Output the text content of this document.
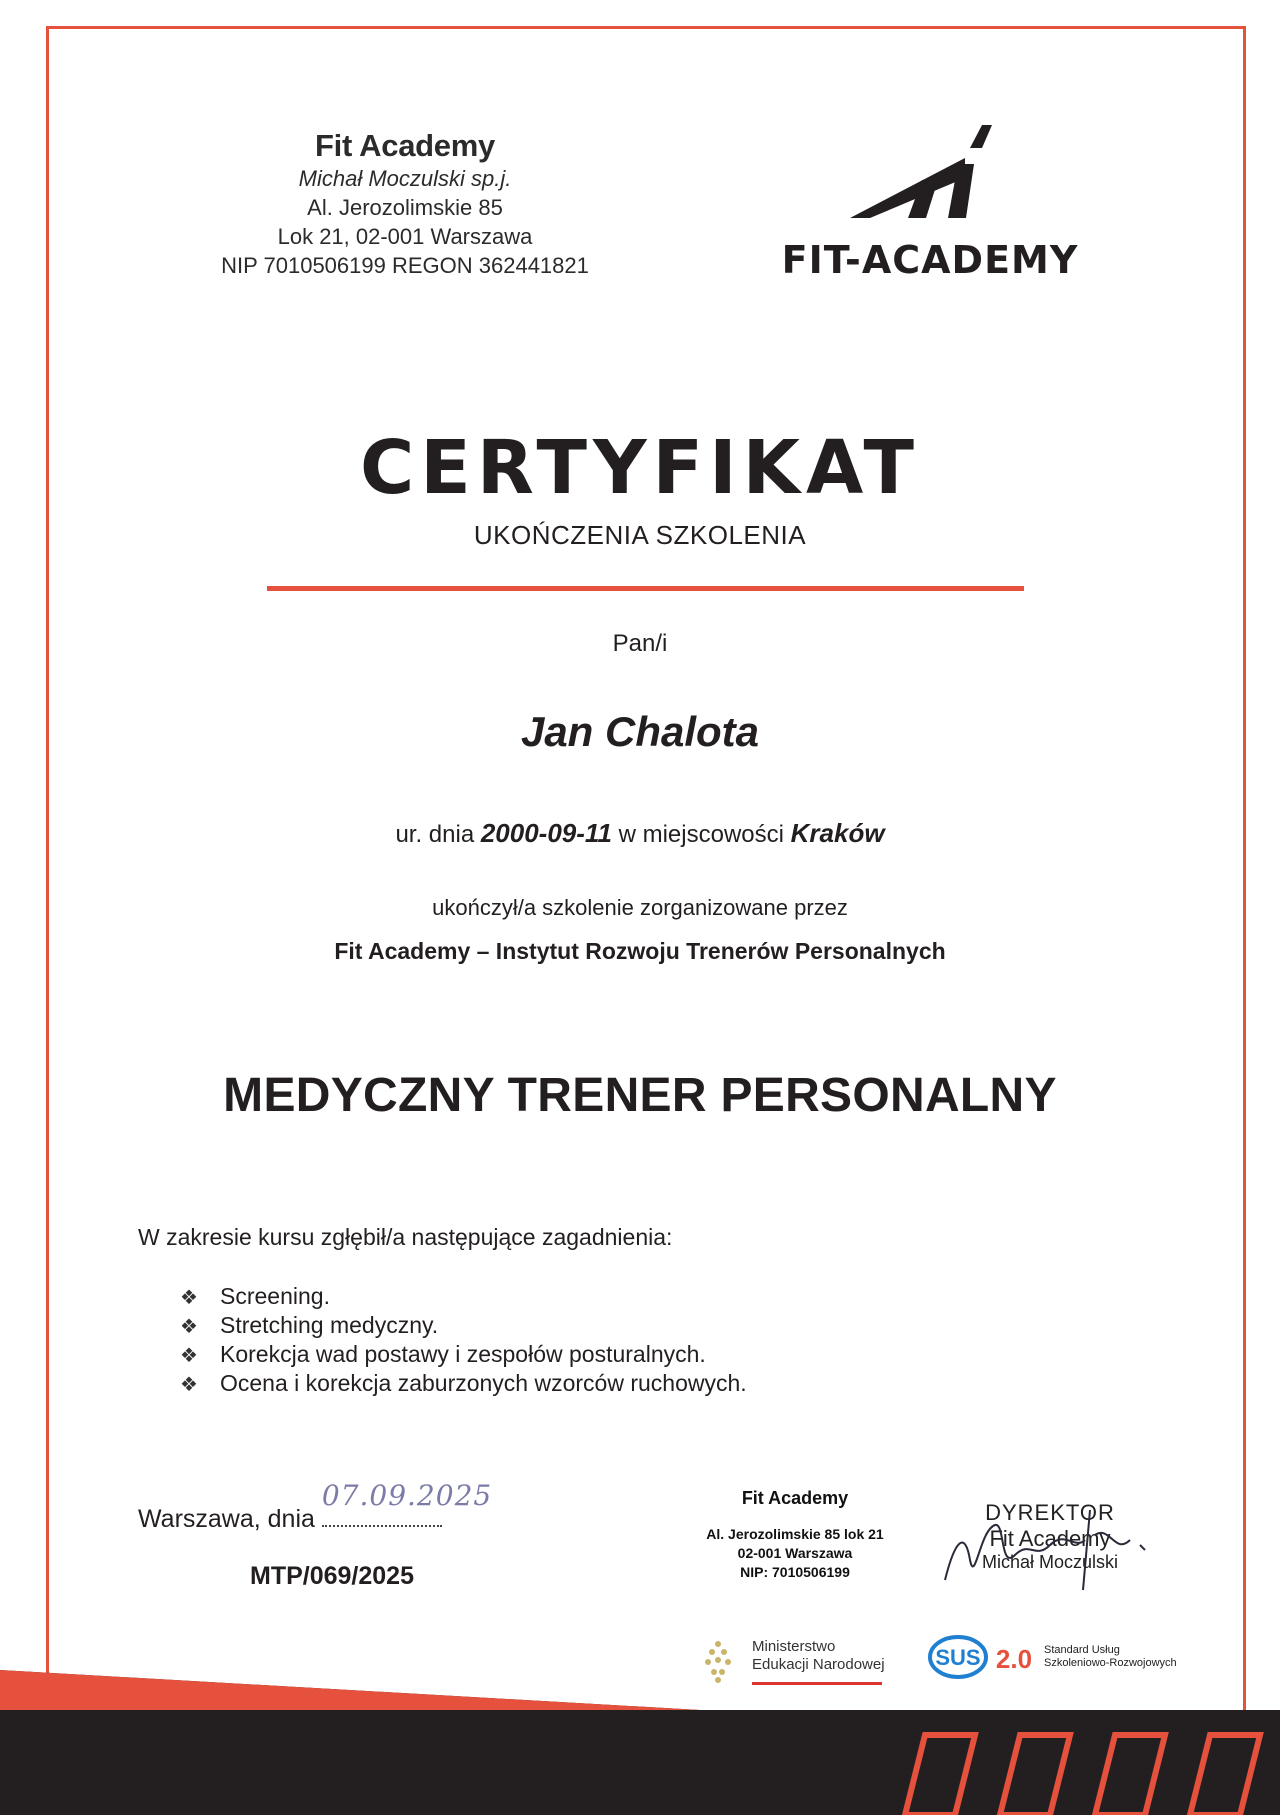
Fit Academy
Michał Moczulski sp.j.
Al. Jerozolimskie 85
Lok 21, 02-001 Warszawa
NIP 7010506199 REGON 362441821	FIT-ACADEMY
CERTYFIKAT
UKOŃCZENIA SZKOLENIA
Pan/i
Jan Chalota
ur. dnia 2000-09-11 w miejscowości Kraków
ukończył/a szkolenie zorganizowane przez
Fit Academy – Instytut Rozwoju Trenerów Personalnych
MEDYCZNY TRENER PERSONALNY
W zakresie kursu zgłębił/a następujące zagadnienia:
❖ Screening.
❖ Stretching medyczny.
❖ Korekcja wad postawy i zespołów posturalnych.
❖ Ocena i korekcja zaburzonych wzorców ruchowych.
Warszawa, dnia
07.09.2025
MTP/069/2025
Fit Academy
Al. Jerozolimskie 85 lok 21
02-001 Warszawa
NIP: 7010506199
DYREKTOR
Fit Academy
Michał Moczulski
Ministerstwo
Edukacji Narodowej SUS 2.0 Standard Usług
Szkoleniowo-Rozwojowych
